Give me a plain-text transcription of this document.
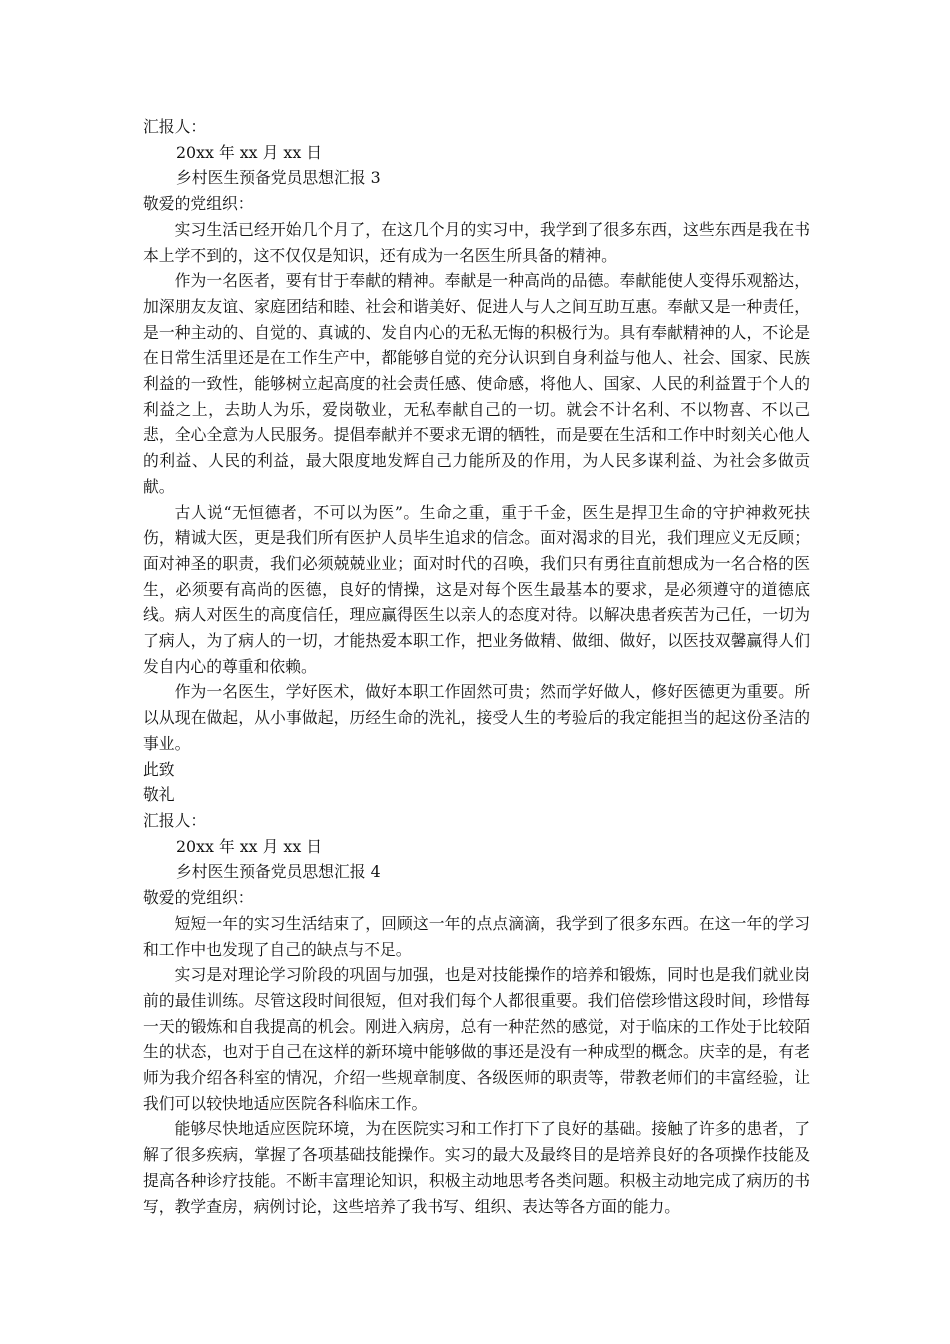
汇报人：
20xx 年 xx 月 xx 日
乡村医生预备党员思想汇报 3
敬爱的党组织：

实习生活已经开始几个月了，在这几个月的实习中，我学到了很多东西，这些东西是我在书本上学不到的，这不仅仅是知识，还有成为一名医生所具备的精神。

作为一名医者，要有甘于奉献的精神。奉献是一种高尚的品德。奉献能使人变得乐观豁达，加深朋友友谊、家庭团结和睦、社会和谐美好、促进人与人之间互助互惠。奉献又是一种责任，是一种主动的、自觉的、真诚的、发自内心的无私无悔的积极行为。具有奉献精神的人，不论是在日常生活里还是在工作生产中，都能够自觉的充分认识到自身利益与他人、社会、国家、民族利益的一致性，能够树立起高度的社会责任感、使命感，将他人、国家、人民的利益置于个人的利益之上，去助人为乐，爱岗敬业，无私奉献自己的一切。就会不计名利、不以物喜、不以己悲，全心全意为人民服务。提倡奉献并不要求无谓的牺牲，而是要在生活和工作中时刻关心他人的利益、人民的利益，最大限度地发辉自己力能所及的作用，为人民多谋利益、为社会多做贡献。

古人说“无恒德者，不可以为医”。生命之重，重于千金，医生是捍卫生命的守护神救死扶伤，精诚大医，更是我们所有医护人员毕生追求的信念。面对渴求的目光，我们理应义无反顾；面对神圣的职责，我们必须兢兢业业；面对时代的召唤，我们只有勇往直前想成为一名合格的医生，必须要有高尚的医德，良好的情操，这是对每个医生最基本的要求，是必须遵守的道德底线。病人对医生的高度信任，理应赢得医生以亲人的态度对待。以解决患者疾苦为己任，一切为了病人，为了病人的一切，才能热爱本职工作，把业务做精、做细、做好，以医技双馨赢得人们发自内心的尊重和依赖。

作为一名医生，学好医术，做好本职工作固然可贵；然而学好做人，修好医德更为重要。所以从现在做起，从小事做起，历经生命的洗礼，接受人生的考验后的我定能担当的起这份圣洁的事业。

此致
敬礼
汇报人：
20xx 年 xx 月 xx 日
乡村医生预备党员思想汇报 4
敬爱的党组织：

短短一年的实习生活结束了，回顾这一年的点点滴滴，我学到了很多东西。在这一年的学习和工作中也发现了自己的缺点与不足。

实习是对理论学习阶段的巩固与加强，也是对技能操作的培养和锻炼，同时也是我们就业岗前的最佳训练。尽管这段时间很短，但对我们每个人都很重要。我们倍偿珍惜这段时间，珍惜每一天的锻炼和自我提高的机会。刚进入病房，总有一种茫然的感觉，对于临床的工作处于比较陌生的状态，也对于自己在这样的新环境中能够做的事还是没有一种成型的概念。庆幸的是，有老师为我介绍各科室的情况，介绍一些规章制度、各级医师的职责等，带教老师们的丰富经验，让我们可以较快地适应医院各科临床工作。

能够尽快地适应医院环境，为在医院实习和工作打下了良好的基础。接触了许多的患者，了解了很多疾病，掌握了各项基础技能操作。实习的最大及最终目的是培养良好的各项操作技能及提高各种诊疗技能。不断丰富理论知识，积极主动地思考各类问题。积极主动地完成了病历的书写，教学查房，病例讨论，这些培养了我书写、组织、表达等各方面的能力。
